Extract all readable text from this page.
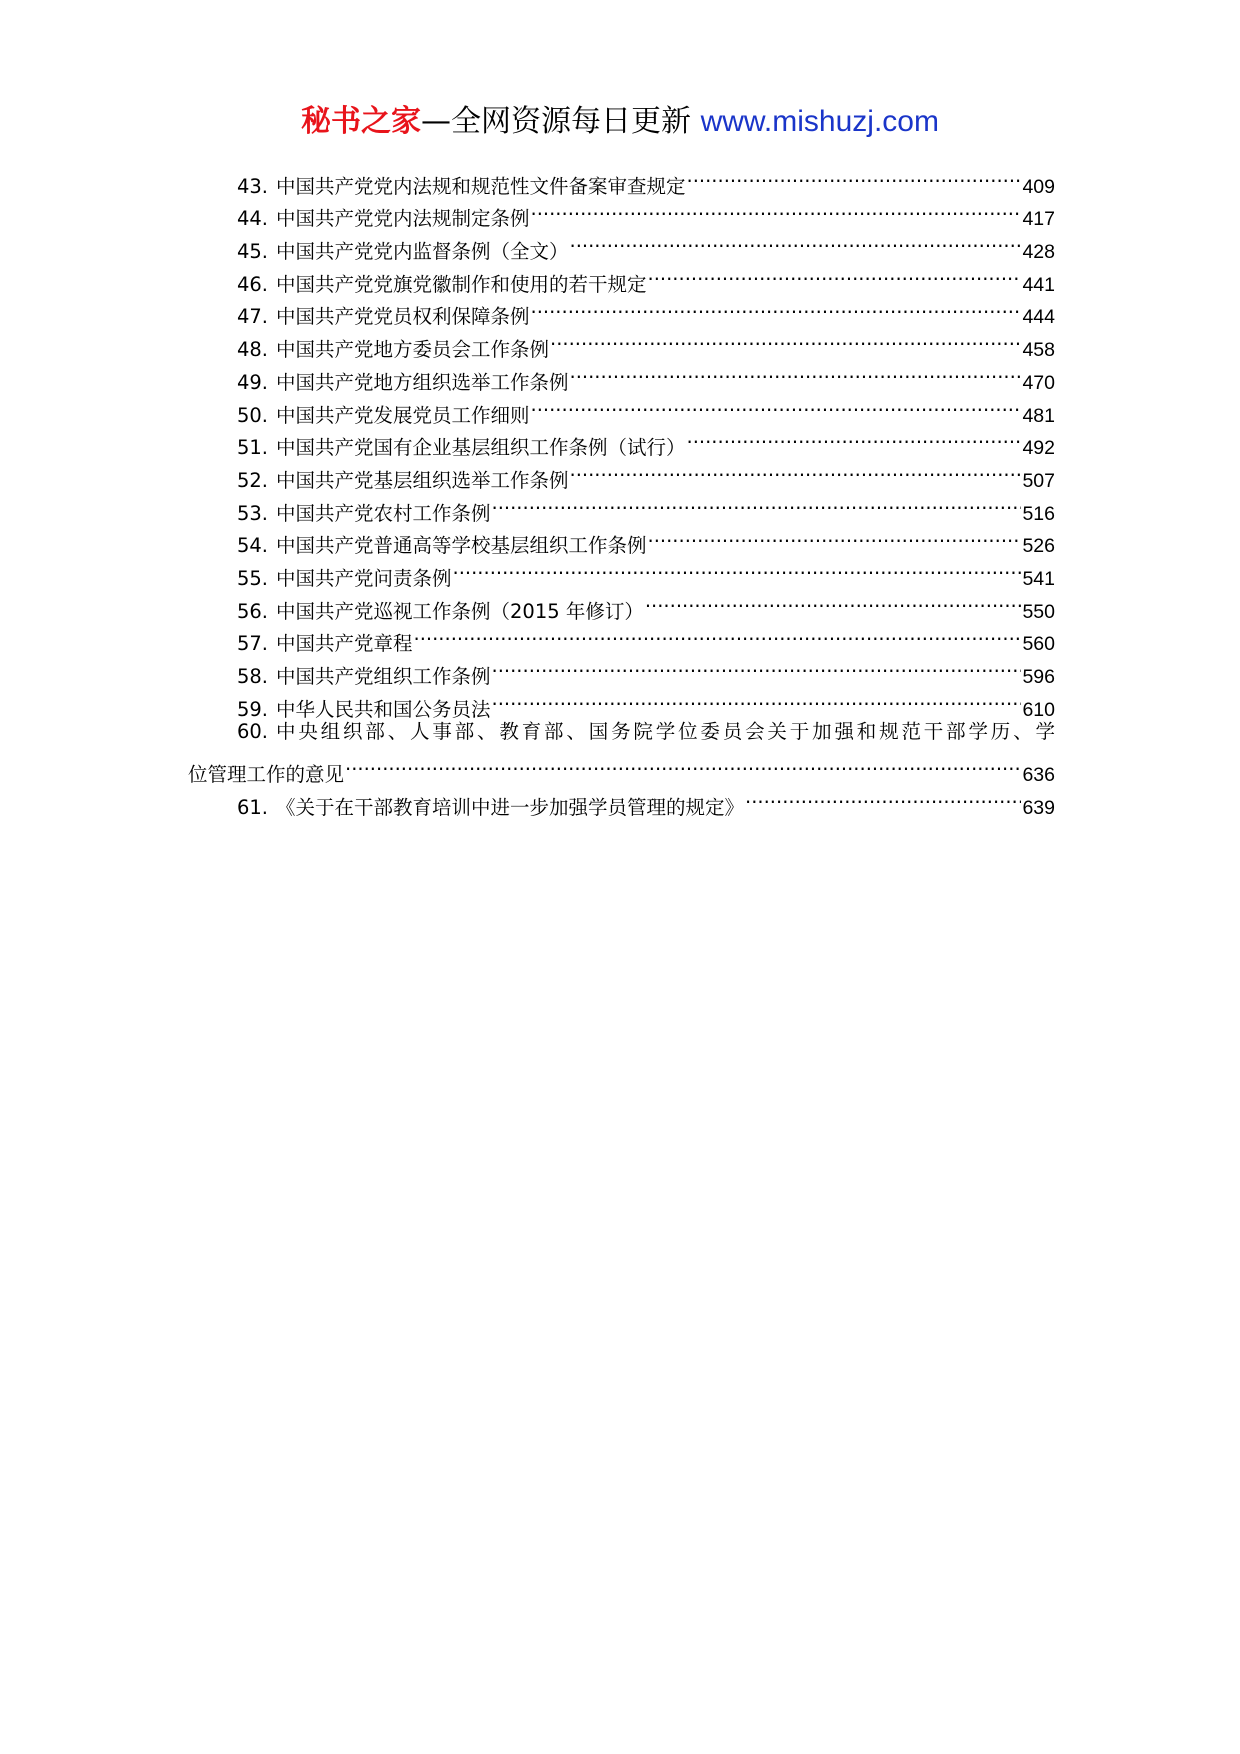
秘书之家—全网资源每日更新 www.mishuzj.com
43. 中国共产党党内法规和规范性文件备案审查规定 .....	409
44. 中国共产党党内法规制定条例 .....	417
45. 中国共产党党内监督条例（全文） .....	428
46. 中国共产党党旗党徽制作和使用的若干规定 .....	441
47. 中国共产党党员权利保障条例 .....	444
48. 中国共产党地方委员会工作条例 .....	458
49. 中国共产党地方组织选举工作条例 .....	470
50. 中国共产党发展党员工作细则 .....	481
51. 中国共产党国有企业基层组织工作条例（试行） .....	492
52. 中国共产党基层组织选举工作条例 .....	507
53. 中国共产党农村工作条例 .....	516
54. 中国共产党普通高等学校基层组织工作条例 .....	526
55. 中国共产党问责条例 .....	541
56. 中国共产党巡视工作条例（2015 年修订） .....	550
57. 中国共产党章程 .....	560
58. 中国共产党组织工作条例 .....	596
59. 中华人民共和国公务员法 .....	610
60. 中央组织部、人事部、教育部、国务院学位委员会关于加强和规范干部学历、学
位管理工作的意见 .....	636
61. 《关于在干部教育培训中进一步加强学员管理的规定》 .....	639
